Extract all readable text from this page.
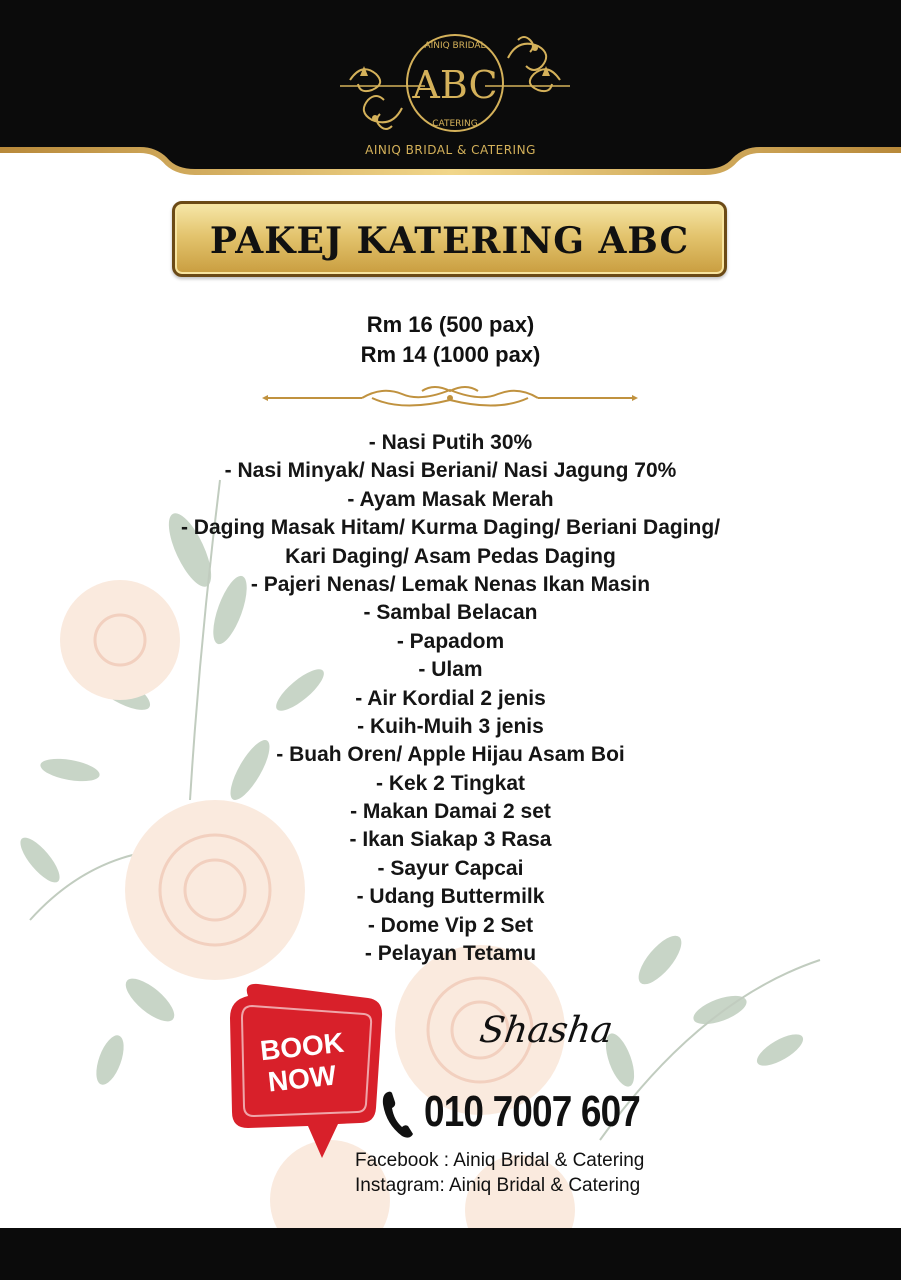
ABC
AINIQ BRIDAL
CATERING
AINIQ BRIDAL & CATERING
PAKEJ KATERING ABC
Rm 16 (500 pax)
Rm 14 (1000 pax)
- Nasi Putih 30%
- Nasi Minyak/ Nasi Beriani/ Nasi Jagung 70%
- Ayam Masak Merah
- Daging Masak Hitam/ Kurma Daging/ Beriani Daging/
Kari Daging/ Asam Pedas Daging
- Pajeri Nenas/ Lemak Nenas Ikan Masin
- Sambal Belacan
- Papadom
- Ulam
- Air Kordial 2 jenis
- Kuih-Muih 3 jenis
- Buah Oren/ Apple Hijau Asam Boi
- Kek 2 Tingkat
- Makan Damai 2 set
- Ikan Siakap 3 Rasa
- Sayur Capcai
- Udang Buttermilk
- Dome Vip 2 Set
- Pelayan Tetamu
BOOK
NOW
Shasha
010 7007 607
Facebook : Ainiq Bridal & Catering
Instagram: Ainiq Bridal & Catering
